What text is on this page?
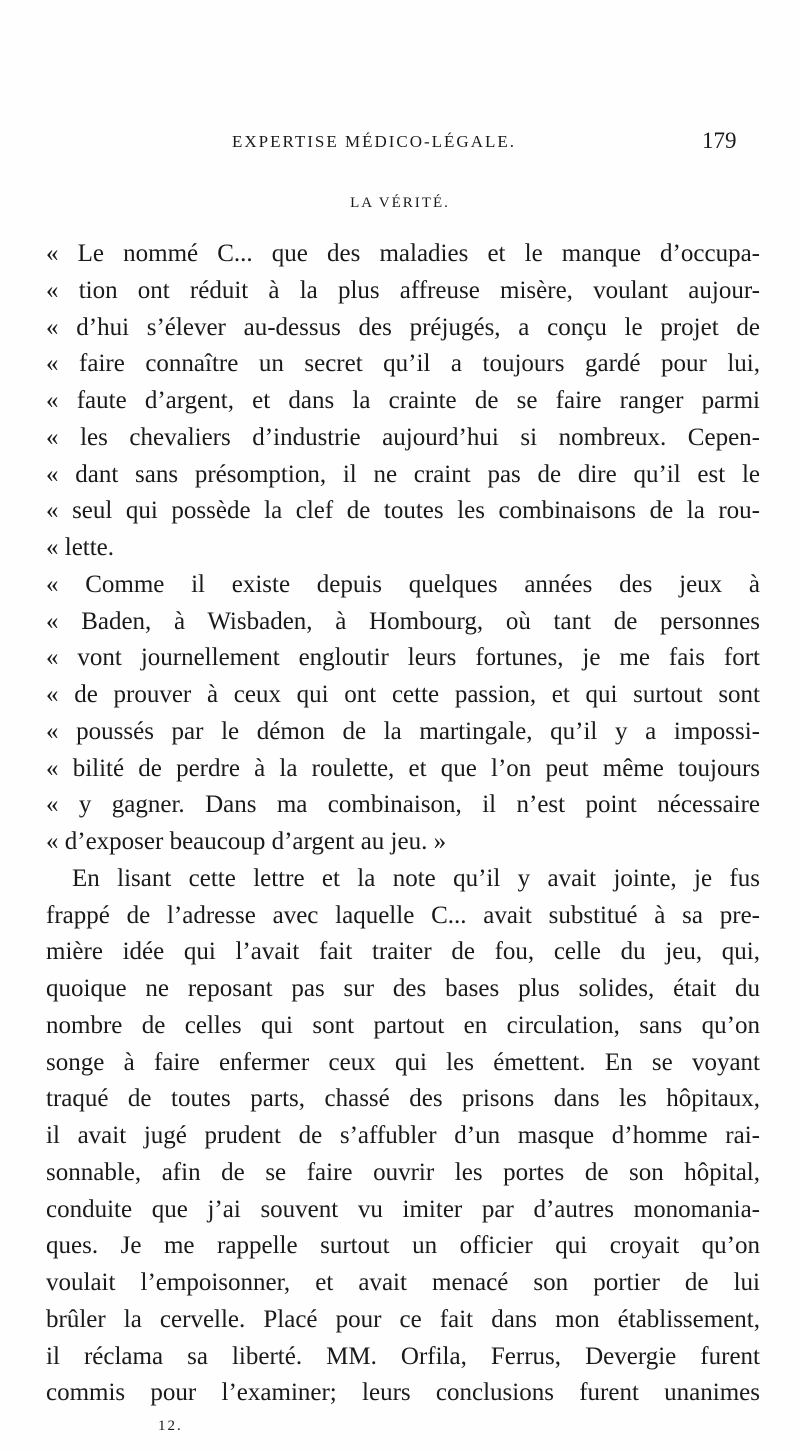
EXPERTISE MÉDICO-LÉGALE.	179
LA VÉRITÉ.
« Le nommé C... que des maladies et le manque d’occupa-
« tion ont réduit à la plus affreuse misère, voulant aujour-
« d’hui s’élever au-dessus des préjugés, a conçu le projet de
« faire connaître un secret qu’il a toujours gardé pour lui,
« faute d’argent, et dans la crainte de se faire ranger parmi
« les chevaliers d’industrie aujourd’hui si nombreux. Cepen-
« dant sans présomption, il ne craint pas de dire qu’il est le
« seul qui possède la clef de toutes les combinaisons de la rou-
« lette.
« Comme il existe depuis quelques années des jeux à
« Baden, à Wisbaden, à Hombourg, où tant de personnes
« vont journellement engloutir leurs fortunes, je me fais fort
« de prouver à ceux qui ont cette passion, et qui surtout sont
« poussés par le démon de la martingale, qu’il y a impossi-
« bilité de perdre à la roulette, et que l’on peut même toujours
« y gagner. Dans ma combinaison, il n’est point nécessaire
« d’exposer beaucoup d’argent au jeu. »
En lisant cette lettre et la note qu’il y avait jointe, je fus
frappé de l’adresse avec laquelle C... avait substitué à sa pre-
mière idée qui l’avait fait traiter de fou, celle du jeu, qui,
quoique ne reposant pas sur des bases plus solides, était du
nombre de celles qui sont partout en circulation, sans qu’on
songe à faire enfermer ceux qui les émettent. En se voyant
traqué de toutes parts, chassé des prisons dans les hôpitaux,
il avait jugé prudent de s’affubler d’un masque d’homme rai-
sonnable, afin de se faire ouvrir les portes de son hôpital,
conduite que j’ai souvent vu imiter par d’autres monomania-
ques. Je me rappelle surtout un officier qui croyait qu’on
voulait l’empoisonner, et avait menacé son portier de lui
brûler la cervelle. Placé pour ce fait dans mon établissement,
il réclama sa liberté. MM. Orfila, Ferrus, Devergie furent
commis pour l’examiner; leurs conclusions furent unanimes
12.
